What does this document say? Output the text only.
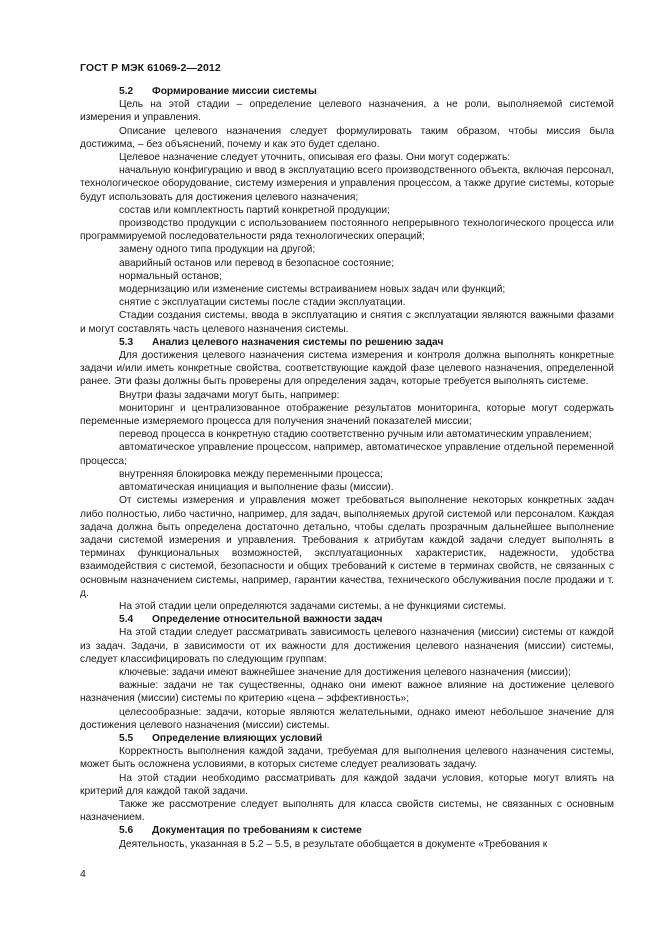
ГОСТ Р МЭК 61069-2—2012
5.2 Формирование миссии системы

Цель на этой стадии – определение целевого назначения, а не роли, выполняемой системой измерения и управления.

Описание целевого назначения следует формулировать таким образом, чтобы миссия была достижима, – без объяснений, почему и как это будет сделано.

Целевое назначение следует уточнить, описывая его фазы. Они могут содержать:

начальную конфигурацию и ввод в эксплуатацию всего производственного объекта, включая персонал, технологическое оборудование, систему измерения и управления процессом, а также другие системы, которые будут использовать для достижения целевого назначения;

состав или комплектность партий конкретной продукции;

производство продукции с использованием постоянного непрерывного технологического процесса или программируемой последовательности ряда технологических операций;

замену одного типа продукции на другой;

аварийный останов или перевод в безопасное состояние;

нормальный останов;

модернизацию или изменение системы встраиванием новых задач или функций;

снятие с эксплуатации системы после стадии эксплуатации.

Стадии создания системы, ввода в эксплуатацию и снятия с эксплуатации являются важными фазами и могут составлять часть целевого назначения системы.

5.3 Анализ целевого назначения системы по решению задач

Для достижения целевого назначения система измерения и контроля должна выполнять конкретные задачи и/или иметь конкретные свойства, соответствующие каждой фазе целевого назначения, определенной ранее. Эти фазы должны быть проверены для определения задач, которые требуется выполнять системе.

Внутри фазы задачами могут быть, например:

мониторинг и централизованное отображение результатов мониторинга, которые могут содержать переменные измеряемого процесса для получения значений показателей миссии;

перевод процесса в конкретную стадию соответственно ручным или автоматическим управлением;

автоматическое управление процессом, например, автоматическое управление отдельной переменной процесса;

внутренняя блокировка между переменными процесса;

автоматическая инициация и выполнение фазы (миссии).

От системы измерения и управления может требоваться выполнение некоторых конкретных задач либо полностью, либо частично, например, для задач, выполняемых другой системой или персоналом. Каждая задача должна быть определена достаточно детально, чтобы сделать прозрачным дальнейшее выполнение задачи системой измерения и управления. Требования к атрибутам каждой задачи следует выполнять в терминах функциональных возможностей, эксплуатационных характеристик, надежности, удобства взаимодействия с системой, безопасности и общих требований к системе в терминах свойств, не связанных с основным назначением системы, например, гарантии качества, технического обслуживания после продажи и т. д.

На этой стадии цели определяются задачами системы, а не функциями системы.

5.4 Определение относительной важности задач

На этой стадии следует рассматривать зависимость целевого назначения (миссии) системы от каждой из задач. Задачи, в зависимости от их важности для достижения целевого назначения (миссии) системы, следует классифицировать по следующим группам:

ключевые: задачи имеют важнейшее значение для достижения целевого назначения (миссии);

важные: задачи не так существенны, однако они имеют важное влияние на достижение целевого назначения (миссии) системы по критерию «цена – эффективность»;

целесообразные: задачи, которые являются желательными, однако имеют небольшое значение для достижения целевого назначения (миссии) системы.

5.5 Определение влияющих условий

Корректность выполнения каждой задачи, требуемая для выполнения целевого назначения системы, может быть осложнена условиями, в которых системе следует реализовать задачу.

На этой стадии необходимо рассматривать для каждой задачи условия, которые могут влиять на критерий для каждой такой задачи.

Также же рассмотрение следует выполнять для класса свойств системы, не связанных с основным назначением.

5.6 Документация по требованиям к системе

Деятельность, указанная в 5.2 – 5.5, в результате обобщается в документе «Требования к

4
